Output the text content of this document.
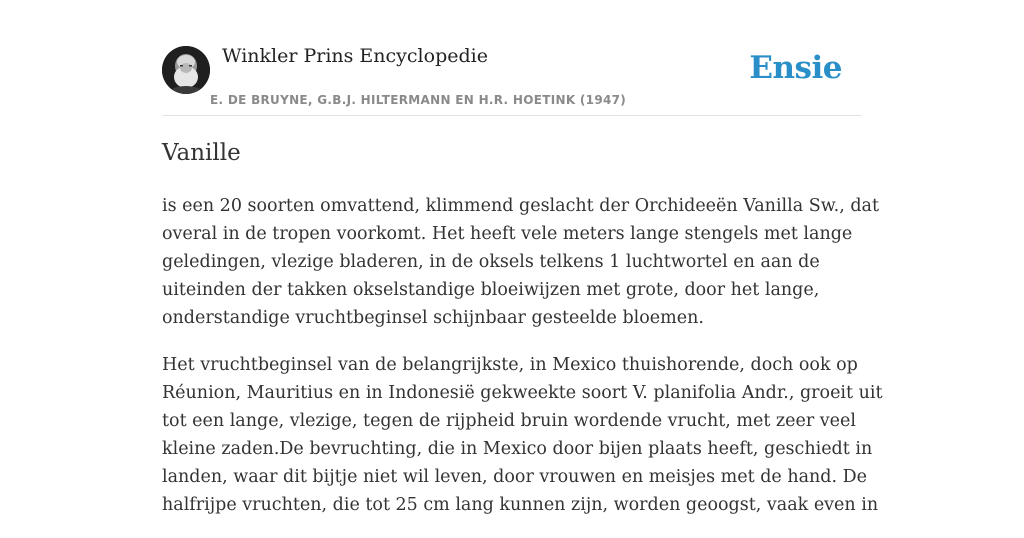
Winkler Prins Encyclopedie
E. DE BRUYNE, G.B.J. HILTERMANN EN H.R. HOETINK (1947)
Ensie
Vanille

is een 20 soorten omvattend, klimmend geslacht der Orchideeën Vanilla Sw., dat
overal in de tropen voorkomt. Het heeft vele meters lange stengels met lange
geledingen, vlezige bladeren, in de oksels telkens 1 luchtwortel en aan de
uiteinden der takken okselstandige bloeiwijzen met grote, door het lange,
onderstandige vruchtbeginsel schijnbaar gesteelde bloemen.

Het vruchtbeginsel van de belangrijkste, in Mexico thuishorende, doch ook op
Réunion, Mauritius en in Indonesië gekweekte soort V. planifolia Andr., groeit uit
tot een lange, vlezige, tegen de rijpheid bruin wordende vrucht, met zeer veel
kleine zaden.De bevruchting, die in Mexico door bijen plaats heeft, geschiedt in
landen, waar dit bijtje niet wil leven, door vrouwen en meisjes met de hand. De
halfrijpe vruchten, die tot 25 cm lang kunnen zijn, worden geoogst, vaak even in
